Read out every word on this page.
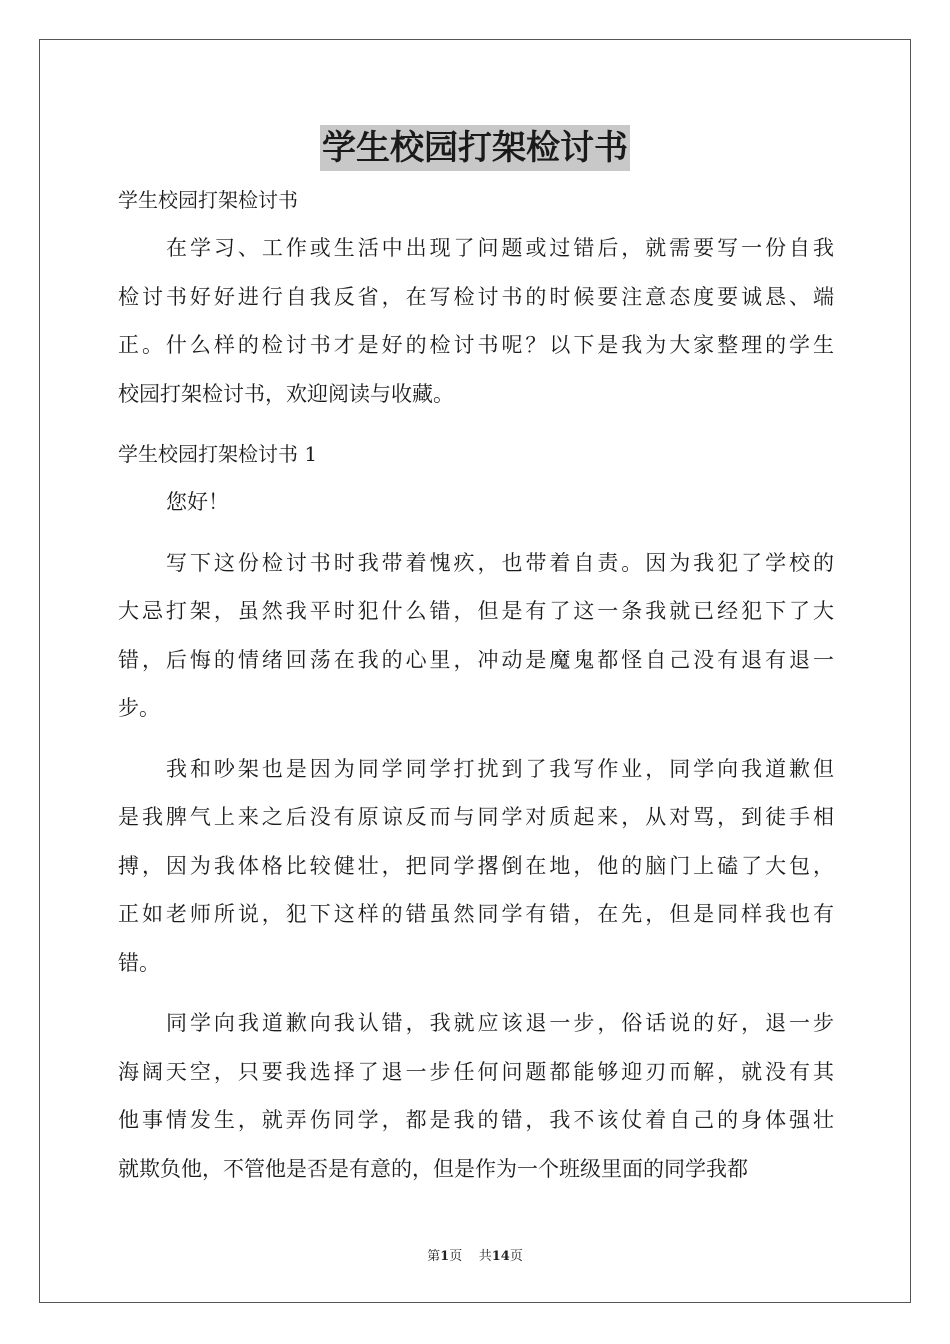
学生校园打架检讨书

学生校园打架检讨书

在学习、工作或生活中出现了问题或过错后，就需要写一份自我

检讨书好好进行自我反省，在写检讨书的时候要注意态度要诚恳、端

正。什么样的检讨书才是好的检讨书呢？以下是我为大家整理的学生

校园打架检讨书，欢迎阅读与收藏。

学生校园打架检讨书 1

您好！

写下这份检讨书时我带着愧疚，也带着自责。因为我犯了学校的

大忌打架，虽然我平时犯什么错，但是有了这一条我就已经犯下了大

错，后悔的情绪回荡在我的心里，冲动是魔鬼都怪自己没有退有退一

步。

我和吵架也是因为同学同学打扰到了我写作业，同学向我道歉但

是我脾气上来之后没有原谅反而与同学对质起来，从对骂，到徒手相

搏，因为我体格比较健壮，把同学撂倒在地，他的脑门上磕了大包，

正如老师所说，犯下这样的错虽然同学有错，在先，但是同样我也有

错。

同学向我道歉向我认错，我就应该退一步，俗话说的好，退一步

海阔天空，只要我选择了退一步任何问题都能够迎刃而解，就没有其

他事情发生，就弄伤同学，都是我的错，我不该仗着自己的身体强壮

就欺负他，不管他是否是有意的，但是作为一个班级里面的同学我都

第1页 共14页
